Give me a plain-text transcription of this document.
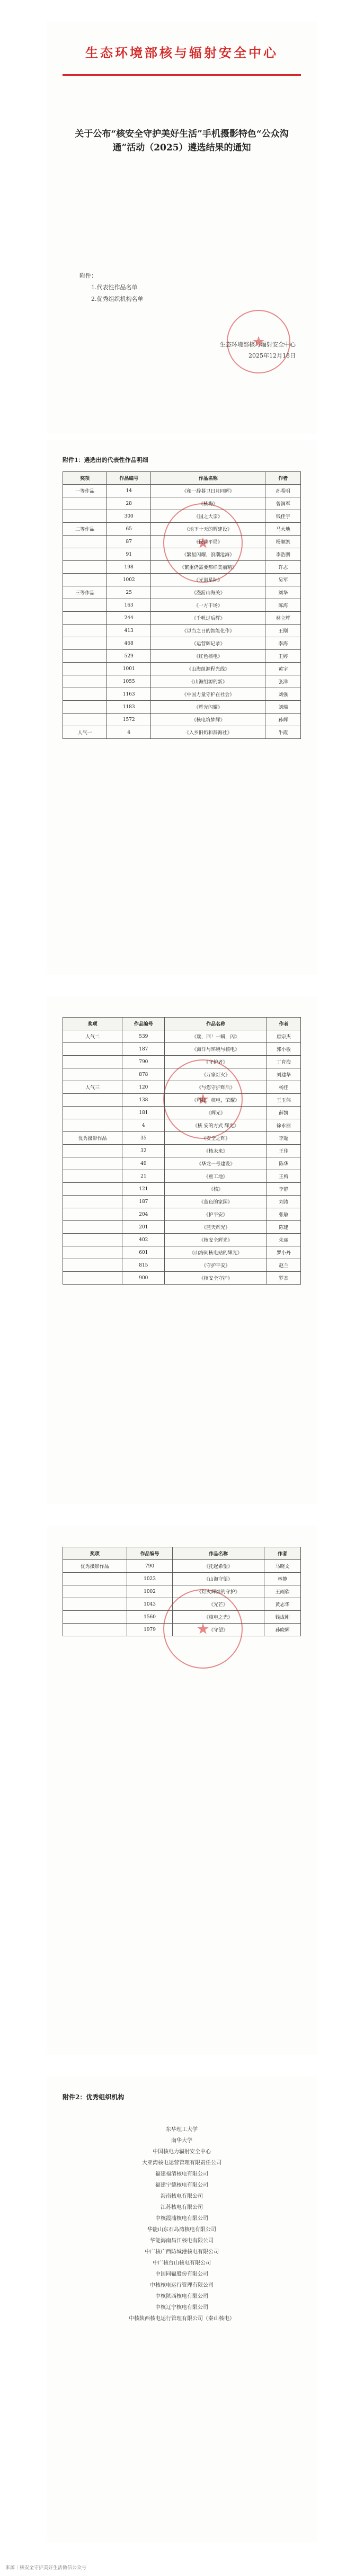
生态环境部核与辐射安全中心
关于公布“核安全守护美好生活”手机摄影特色“公众沟通”活动（2025）遴选结果的通知
附件：
1.代表性作品名单
2.优秀组织机构名单
★
生态环境部核与辐射安全中心
2025年12月18日
附件1：遴选出的代表性作品明细
★
奖项	作品编号	作品名称	作者
一等作品	14	《和一辞暮卫日月同辉》	孙希明
	28	《核梅》	曾润军
	300	《国之大宗》	钱佳宇
二等作品	65	《地下十天的辉建设》	马大地
	87	《民营平局》	杨顺凯
	91	《繁星闪耀，浪潮沧海》	李浩鹏
	198	《繁重仍需要那样美丽精》	许志
	1002	《光谱星际》	吴军
三等作品	25	《漫游山海关》	刘华
	163	《一方干场》	陈海
	244	《千帆过后辉》	林立辉
	413	《以当之日的智能化作》	王刚
	468	《运营辉记录》	李海
	529	《红色核电》	王婷
	1001	《山海组源程光线》	黄宇
	1055	《山海组源的新》	张洋
	1163	《中国力量守护在社会》	刘强
	1183	《辉光闪耀》	刘瑞
	1572	《核电筑梦辉》	孙辉
人气一	4	《入乡旧奶和辞海社》	牛霞
★
奖项	作品编号	作品名称	作者
人气二	539	《瑞，回！一瞬，闪》	唐宗杰
	187	《海洋与环境与核电》	郭小敏
	790	《守护者》	丁育海
	878	《万家灯火》	刘建华
人气三	120	《与您守护辉后》	杨佳
	138	《科技，核电，荣耀》	王玉伟
	181	《辉光》	薛凯
	4	《核 安的方式 辉光》	徐永丽
优秀摄影作品	35	《安全之辉》	李超
	32	《核未来》	王佳
	49	《华龙一号建设》	陈华
	21	《重工地》	王梅
	121	《核》	李静
	187	《蓝色的家园》	刘涛
	204	《护平安》	张敏
	201	《蓝天辉光》	陈建
	402	《核安全辉光》	朱丽
	601	《山海间核电站的辉光》	罗小丹
	815	《守护平安》	赵兰
	900	《核安全守护》	罗杰
★
奖项	作品编号	作品名称	作者
优秀摄影作品	790	《托起希望》	马晓文
	1023	《山海守望》	林静
	1002	《灯火辉煌的守护》	王雨欣
	1043	《光芒》	黄志华
	1560	《核电之光》	钱成刚
	1979	《守望》	孙晓辉
附件2：优秀组织机构
东华理工大学
南华大学
中国核电力辐射安全中心
大亚湾核电运营管理有限责任公司
福建福清核电有限公司
福建宁德核电有限公司
海南核电有限公司
江苏核电有限公司
中核霞浦核电有限公司
华能山东石岛湾核电有限公司
华能海南昌江核电有限公司
中广核广西防城港核电有限公司
中广核台山核电有限公司
中国同辐股份有限公司
中核核电运行管理有限公司
中核陕西核电有限公司
中核辽宁核电有限公司
中核陕西核电运行管理有限公司（秦山核电）
来源｜核安全守护美好生活微信公众号
